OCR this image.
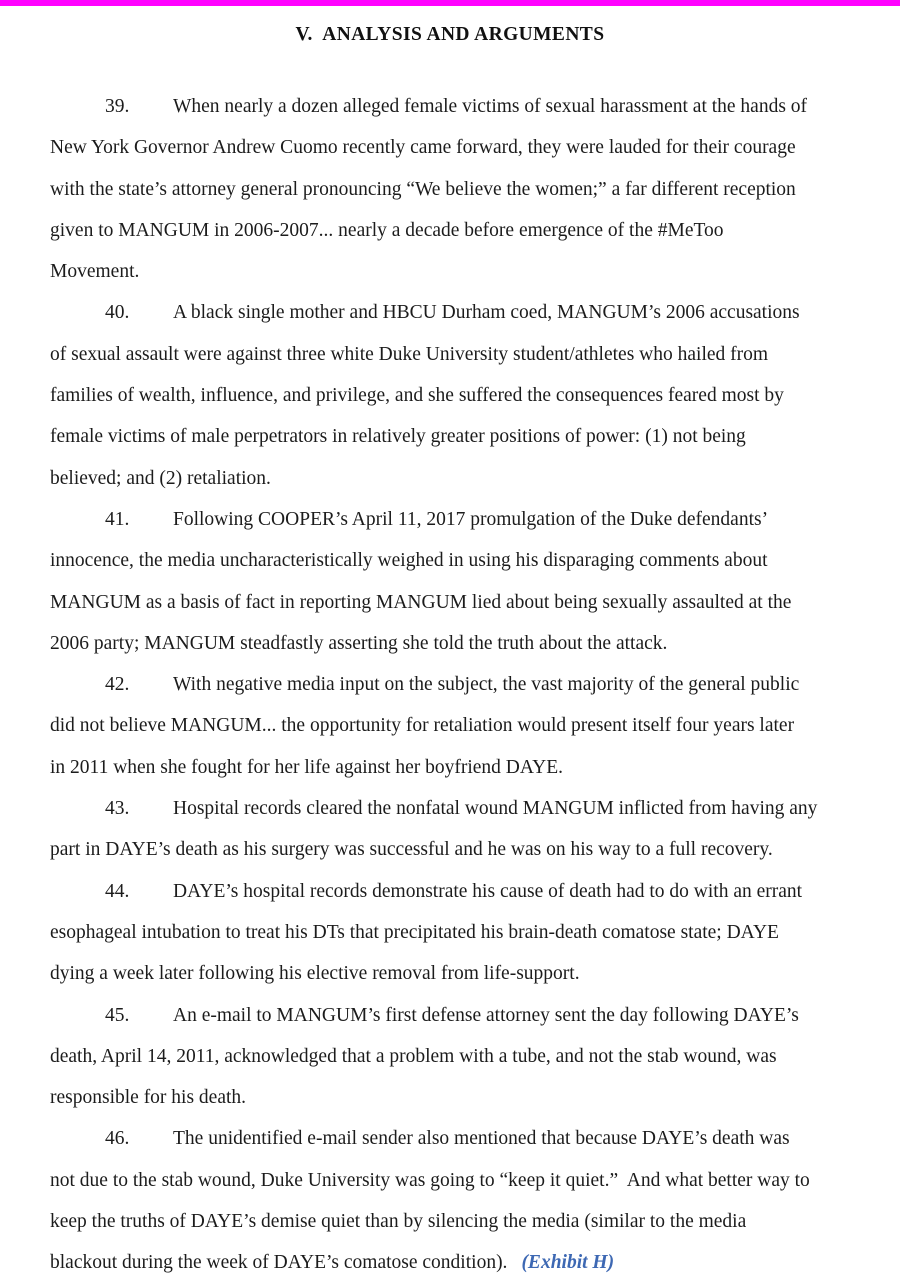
V.  ANALYSIS AND ARGUMENTS
39. When nearly a dozen alleged female victims of sexual harassment at the hands of
New York Governor Andrew Cuomo recently came forward, they were lauded for their courage
with the state’s attorney general pronouncing “We believe the women;” a far different reception
given to MANGUM in 2006-2007... nearly a decade before emergence of the #MeToo
Movement.
40. A black single mother and HBCU Durham coed, MANGUM’s 2006 accusations
of sexual assault were against three white Duke University student/athletes who hailed from
families of wealth, influence, and privilege, and she suffered the consequences feared most by
female victims of male perpetrators in relatively greater positions of power: (1) not being
believed; and (2) retaliation.
41. Following COOPER’s April 11, 2017 promulgation of the Duke defendants’
innocence, the media uncharacteristically weighed in using his disparaging comments about
MANGUM as a basis of fact in reporting MANGUM lied about being sexually assaulted at the
2006 party; MANGUM steadfastly asserting she told the truth about the attack.
42. With negative media input on the subject, the vast majority of the general public
did not believe MANGUM... the opportunity for retaliation would present itself four years later
in 2011 when she fought for her life against her boyfriend DAYE.
43. Hospital records cleared the nonfatal wound MANGUM inflicted from having any
part in DAYE’s death as his surgery was successful and he was on his way to a full recovery.
44. DAYE’s hospital records demonstrate his cause of death had to do with an errant
esophageal intubation to treat his DTs that precipitated his brain-death comatose state; DAYE
dying a week later following his elective removal from life-support.
45. An e-mail to MANGUM’s first defense attorney sent the day following DAYE’s
death, April 14, 2011, acknowledged that a problem with a tube, and not the stab wound, was
responsible for his death.
46. The unidentified e-mail sender also mentioned that because DAYE’s death was
not due to the stab wound, Duke University was going to “keep it quiet.”  And what better way to
keep the truths of DAYE’s demise quiet than by silencing the media (similar to the media
blackout during the week of DAYE’s comatose condition). (Exhibit H)
